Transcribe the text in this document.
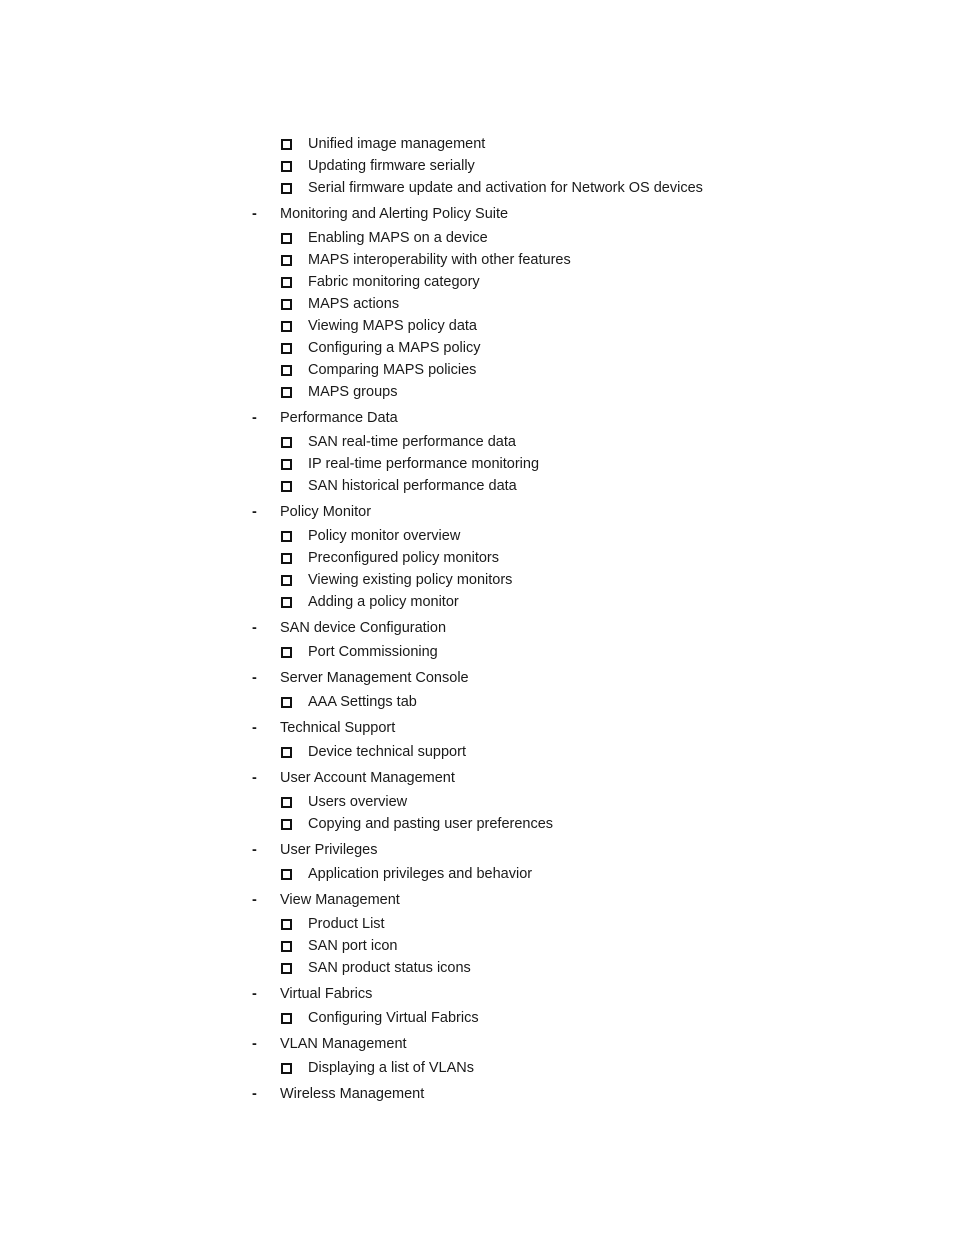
Unified image management
Updating firmware serially
Serial firmware update and activation for Network OS devices
-	Monitoring and Alerting Policy Suite
Enabling MAPS on a device
MAPS interoperability with other features
Fabric monitoring category
MAPS actions
Viewing MAPS policy data
Configuring a MAPS policy
Comparing MAPS policies
MAPS groups
-	Performance Data
SAN real-time performance data
IP real-time performance monitoring
SAN historical performance data
-	Policy Monitor
Policy monitor overview
Preconfigured policy monitors
Viewing existing policy monitors
Adding a policy monitor
-	SAN device Configuration
Port Commissioning
-	Server Management Console
AAA Settings tab
-	Technical Support
Device technical support
-	User Account Management
Users overview
Copying and pasting user preferences
-	User Privileges
Application privileges and behavior
-	View Management
Product List
SAN port icon
SAN product status icons
-	Virtual Fabrics
Configuring Virtual Fabrics
-	VLAN Management
Displaying a list of VLANs
-	Wireless Management
